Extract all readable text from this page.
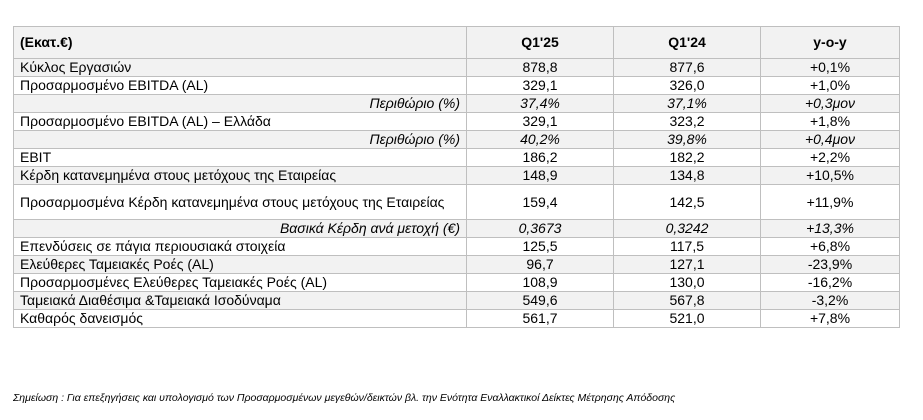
(Εκατ.€)	Q1'25	Q1'24	y-o-y
Κύκλος Εργασιών	878,8	877,6	+0,1%
Προσαρμοσμένο EBITDA (AL)	329,1	326,0	+1,0%
Περιθώριο (%)	37,4%	37,1%	+0,3μον
Προσαρμοσμένο EBITDA (AL) – Ελλάδα	329,1	323,2	+1,8%
Περιθώριο (%)	40,2%	39,8%	+0,4μον
EBIT	186,2	182,2	+2,2%
Κέρδη κατανεμημένα στους μετόχους της Εταιρείας	148,9	134,8	+10,5%
Προσαρμοσμένα Κέρδη κατανεμημένα στους μετόχους της Εταιρείας	159,4	142,5	+11,9%
Βασικά Κέρδη ανά μετοχή (€)	0,3673	0,3242	+13,3%
Επενδύσεις σε πάγια περιουσιακά στοιχεία	125,5	117,5	+6,8%
Ελεύθερες Ταμειακές Ροές (AL)	96,7	127,1	-23,9%
Προσαρμοσμένες Ελεύθερες Ταμειακές Ροές (AL)	108,9	130,0	-16,2%
Ταμειακά Διαθέσιμα &Ταμειακά Ισοδύναμα	549,6	567,8	-3,2%
Καθαρός δανεισμός	561,7	521,0	+7,8%
Σημείωση : Για επεξηγήσεις και υπολογισμό των Προσαρμοσμένων μεγεθών/δεικτών βλ. την Ενότητα Εναλλακτικοί Δείκτες Μέτρησης Απόδοσης
